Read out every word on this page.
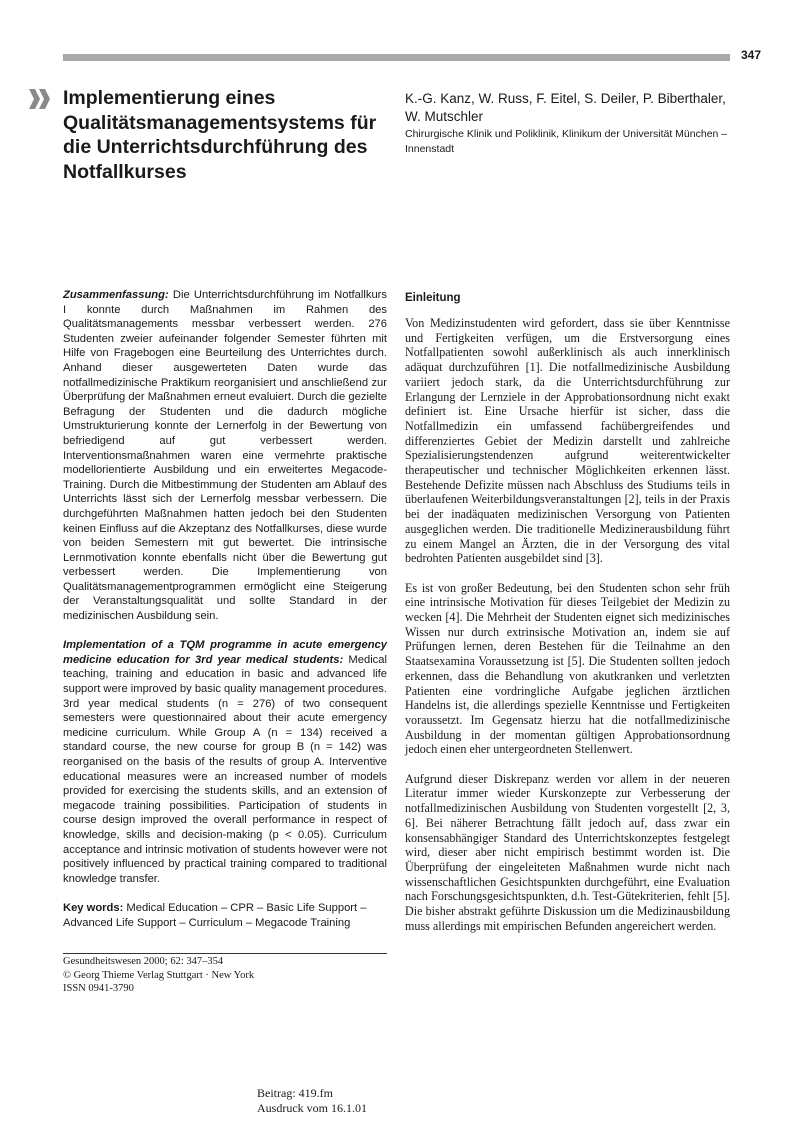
347
Implementierung eines Qualitätsmanagementsystems für die Unterrichtsdurchführung des Notfallkurses
K.-G. Kanz, W. Russ, F. Eitel, S. Deiler, P. Biberthaler, W. Mutschler
Chirurgische Klinik und Poliklinik, Klinikum der Universität München – Innenstadt

Zusammenfassung: Die Unterrichtsdurchführung im Notfallkurs I konnte durch Maßnahmen im Rahmen des Qualitätsmanagements messbar verbessert werden. 276 Studenten zweier aufeinander folgender Semester führten mit Hilfe von Fragebogen eine Beurteilung des Unterrichtes durch. Anhand dieser ausgewerteten Daten wurde das notfallmedizinische Praktikum reorganisiert und anschließend zur Überprüfung der Maßnahmen erneut evaluiert. Durch die gezielte Befragung der Studenten und die dadurch mögliche Umstrukturierung konnte der Lernerfolg in der Bewertung von befriedigend auf gut verbessert werden. Interventionsmaßnahmen waren eine vermehrte praktische modellorientierte Ausbildung und ein erweitertes Megacode-Training. Durch die Mitbestimmung der Studenten am Ablauf des Unterrichts lässt sich der Lernerfolg messbar verbessern. Die durchgeführten Maßnahmen hatten jedoch bei den Studenten keinen Einfluss auf die Akzeptanz des Notfallkurses, diese wurde von beiden Semestern mit gut bewertet. Die intrinsische Lernmotivation konnte ebenfalls nicht über die Bewertung gut verbessert werden. Die Implementierung von Qualitätsmanagementprogrammen ermöglicht eine Steigerung der Veranstaltungsqualität und sollte Standard in der medizinischen Ausbildung sein.

Implementation of a TQM programme in acute emergency medicine education for 3rd year medical students: Medical teaching, training and education in basic and advanced life support were improved by basic quality management procedures. 3rd year medical students (n = 276) of two consequent semesters were questionnaired about their acute emergency medicine curriculum. While Group A (n = 134) received a standard course, the new course for group B (n = 142) was reorganised on the basis of the results of group A. Interventive educational measures were an increased number of models provided for exercising the students skills, and an extension of megacode training possibilities. Participation of students in course design improved the overall performance in respect of knowledge, skills and decision-making (p < 0.05). Curriculum acceptance and intrinsic motivation of students however were not positively influenced by practical training compared to traditional knowledge transfer.

Key words: Medical Education – CPR – Basic Life Support – Advanced Life Support – Curriculum – Megacode Training

Gesundheitswesen 2000; 62: 347–354
© Georg Thieme Verlag Stuttgart · New York
ISSN 0941-3790
Einleitung

Von Medizinstudenten wird gefordert, dass sie über Kenntnisse und Fertigkeiten verfügen, um die Erstversorgung eines Notfallpatienten sowohl außerklinisch als auch innerklinisch adäquat durchzuführen [1]. Die notfallmedizinische Ausbildung variiert jedoch stark, da die Unterrichtsdurchführung zur Erlangung der Lernziele in der Approbationsordnung nicht exakt definiert ist. Eine Ursache hierfür ist sicher, dass die Notfallmedizin ein umfassend fachübergreifendes und differenziertes Gebiet der Medizin darstellt und zahlreiche Spezialisierungstendenzen aufgrund weiterentwickelter therapeutischer und technischer Möglichkeiten erkennen lässt. Bestehende Defizite müssen nach Abschluss des Studiums teils in überlaufenen Weiterbildungsveranstaltungen [2], teils in der Praxis bei der inadäquaten medizinischen Versorgung von Patienten ausgeglichen werden. Die traditionelle Medizinerausbildung führt zu einem Mangel an Ärzten, die in der Versorgung des vital bedrohten Patienten ausgebildet sind [3].

Es ist von großer Bedeutung, bei den Studenten schon sehr früh eine intrinsische Motivation für dieses Teilgebiet der Medizin zu wecken [4]. Die Mehrheit der Studenten eignet sich medizinisches Wissen nur durch extrinsische Motivation an, indem sie auf Prüfungen lernen, deren Bestehen für die Teilnahme an den Staatsexamina Voraussetzung ist [5]. Die Studenten sollten jedoch erkennen, dass die Behandlung von akutkranken und verletzten Patienten eine vordringliche Aufgabe jeglichen ärztlichen Handelns ist, die allerdings spezielle Kenntnisse und Fertigkeiten voraussetzt. Im Gegensatz hierzu hat die notfallmedizinische Ausbildung in der momentan gültigen Approbationsordnung jedoch einen eher untergeordneten Stellenwert.

Aufgrund dieser Diskrepanz werden vor allem in der neueren Literatur immer wieder Kurskonzepte zur Verbesserung der notfallmedizinischen Ausbildung von Studenten vorgestellt [2, 3, 6]. Bei näherer Betrachtung fällt jedoch auf, dass zwar ein konsensabhängiger Standard des Unterrichtskonzeptes festgelegt wird, dieser aber nicht empirisch bestimmt worden ist. Die Überprüfung der eingeleiteten Maßnahmen wurde nicht nach wissenschaftlichen Gesichtspunkten durchgeführt, eine Evaluation nach Forschungsgesichtspunkten, d.h. Test-Gütekriterien, fehlt [5]. Die bisher abstrakt geführte Diskussion um die Medizinausbildung muss allerdings mit empirischen Befunden angereichert werden.

Beitrag: 419.fm
Ausdruck vom 16.1.01
